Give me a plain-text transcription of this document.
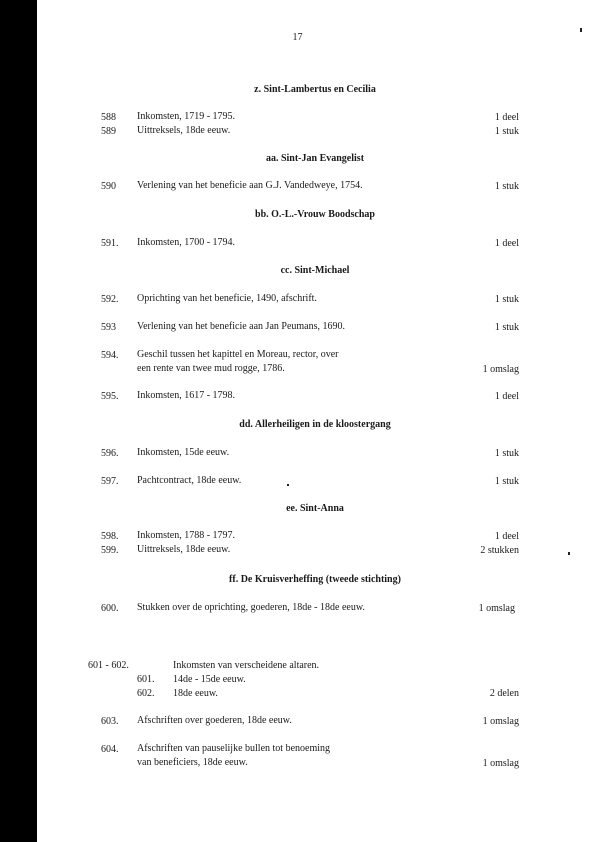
17
z. Sint-Lambertus en Cecilia
588 Inkomsten, 1719 - 1795.	1 deel
589 Uittreksels, 18de eeuw.	1 stuk
aa. Sint-Jan Evangelist
590 Verlening van het beneficie aan G.J. Vandedweye, 1754.	1 stuk
bb. O.-L.-Vrouw Boodschap
591. Inkomsten, 1700 - 1794.	1 deel
cc. Sint-Michael
592. Oprichting van het beneficie, 1490, afschrift.	1 stuk
593 Verlening van het beneficie aan Jan Peumans, 1690.	1 stuk
594. Geschil tussen het kapittel en Moreau, rector, over
een rente van twee mud rogge, 1786.	1 omslag
595. Inkomsten, 1617 - 1798.	1 deel
dd. Allerheiligen in de kloostergang
596. Inkomsten, 15de eeuw.	1 stuk
597. Pachtcontract, 18de eeuw.	1 stuk
ee. Sint-Anna
598. Inkomsten, 1788 - 1797.	1 deel
599. Uittreksels, 18de eeuw.	2 stukken
ff. De Kruisverheffing (tweede stichting)
600. Stukken over de oprichting, goederen, 18de - 18de eeuw.	1 omslag
601 - 602.	Inkomsten van verscheidene altaren.
601. 14de - 15de eeuw.
602. 18de eeuw.	2 delen
603. Afschriften over goederen, 18de eeuw.	1 omslag
604. Afschriften van pauselijke bullen tot benoeming
van beneficiers, 18de eeuw.	1 omslag
